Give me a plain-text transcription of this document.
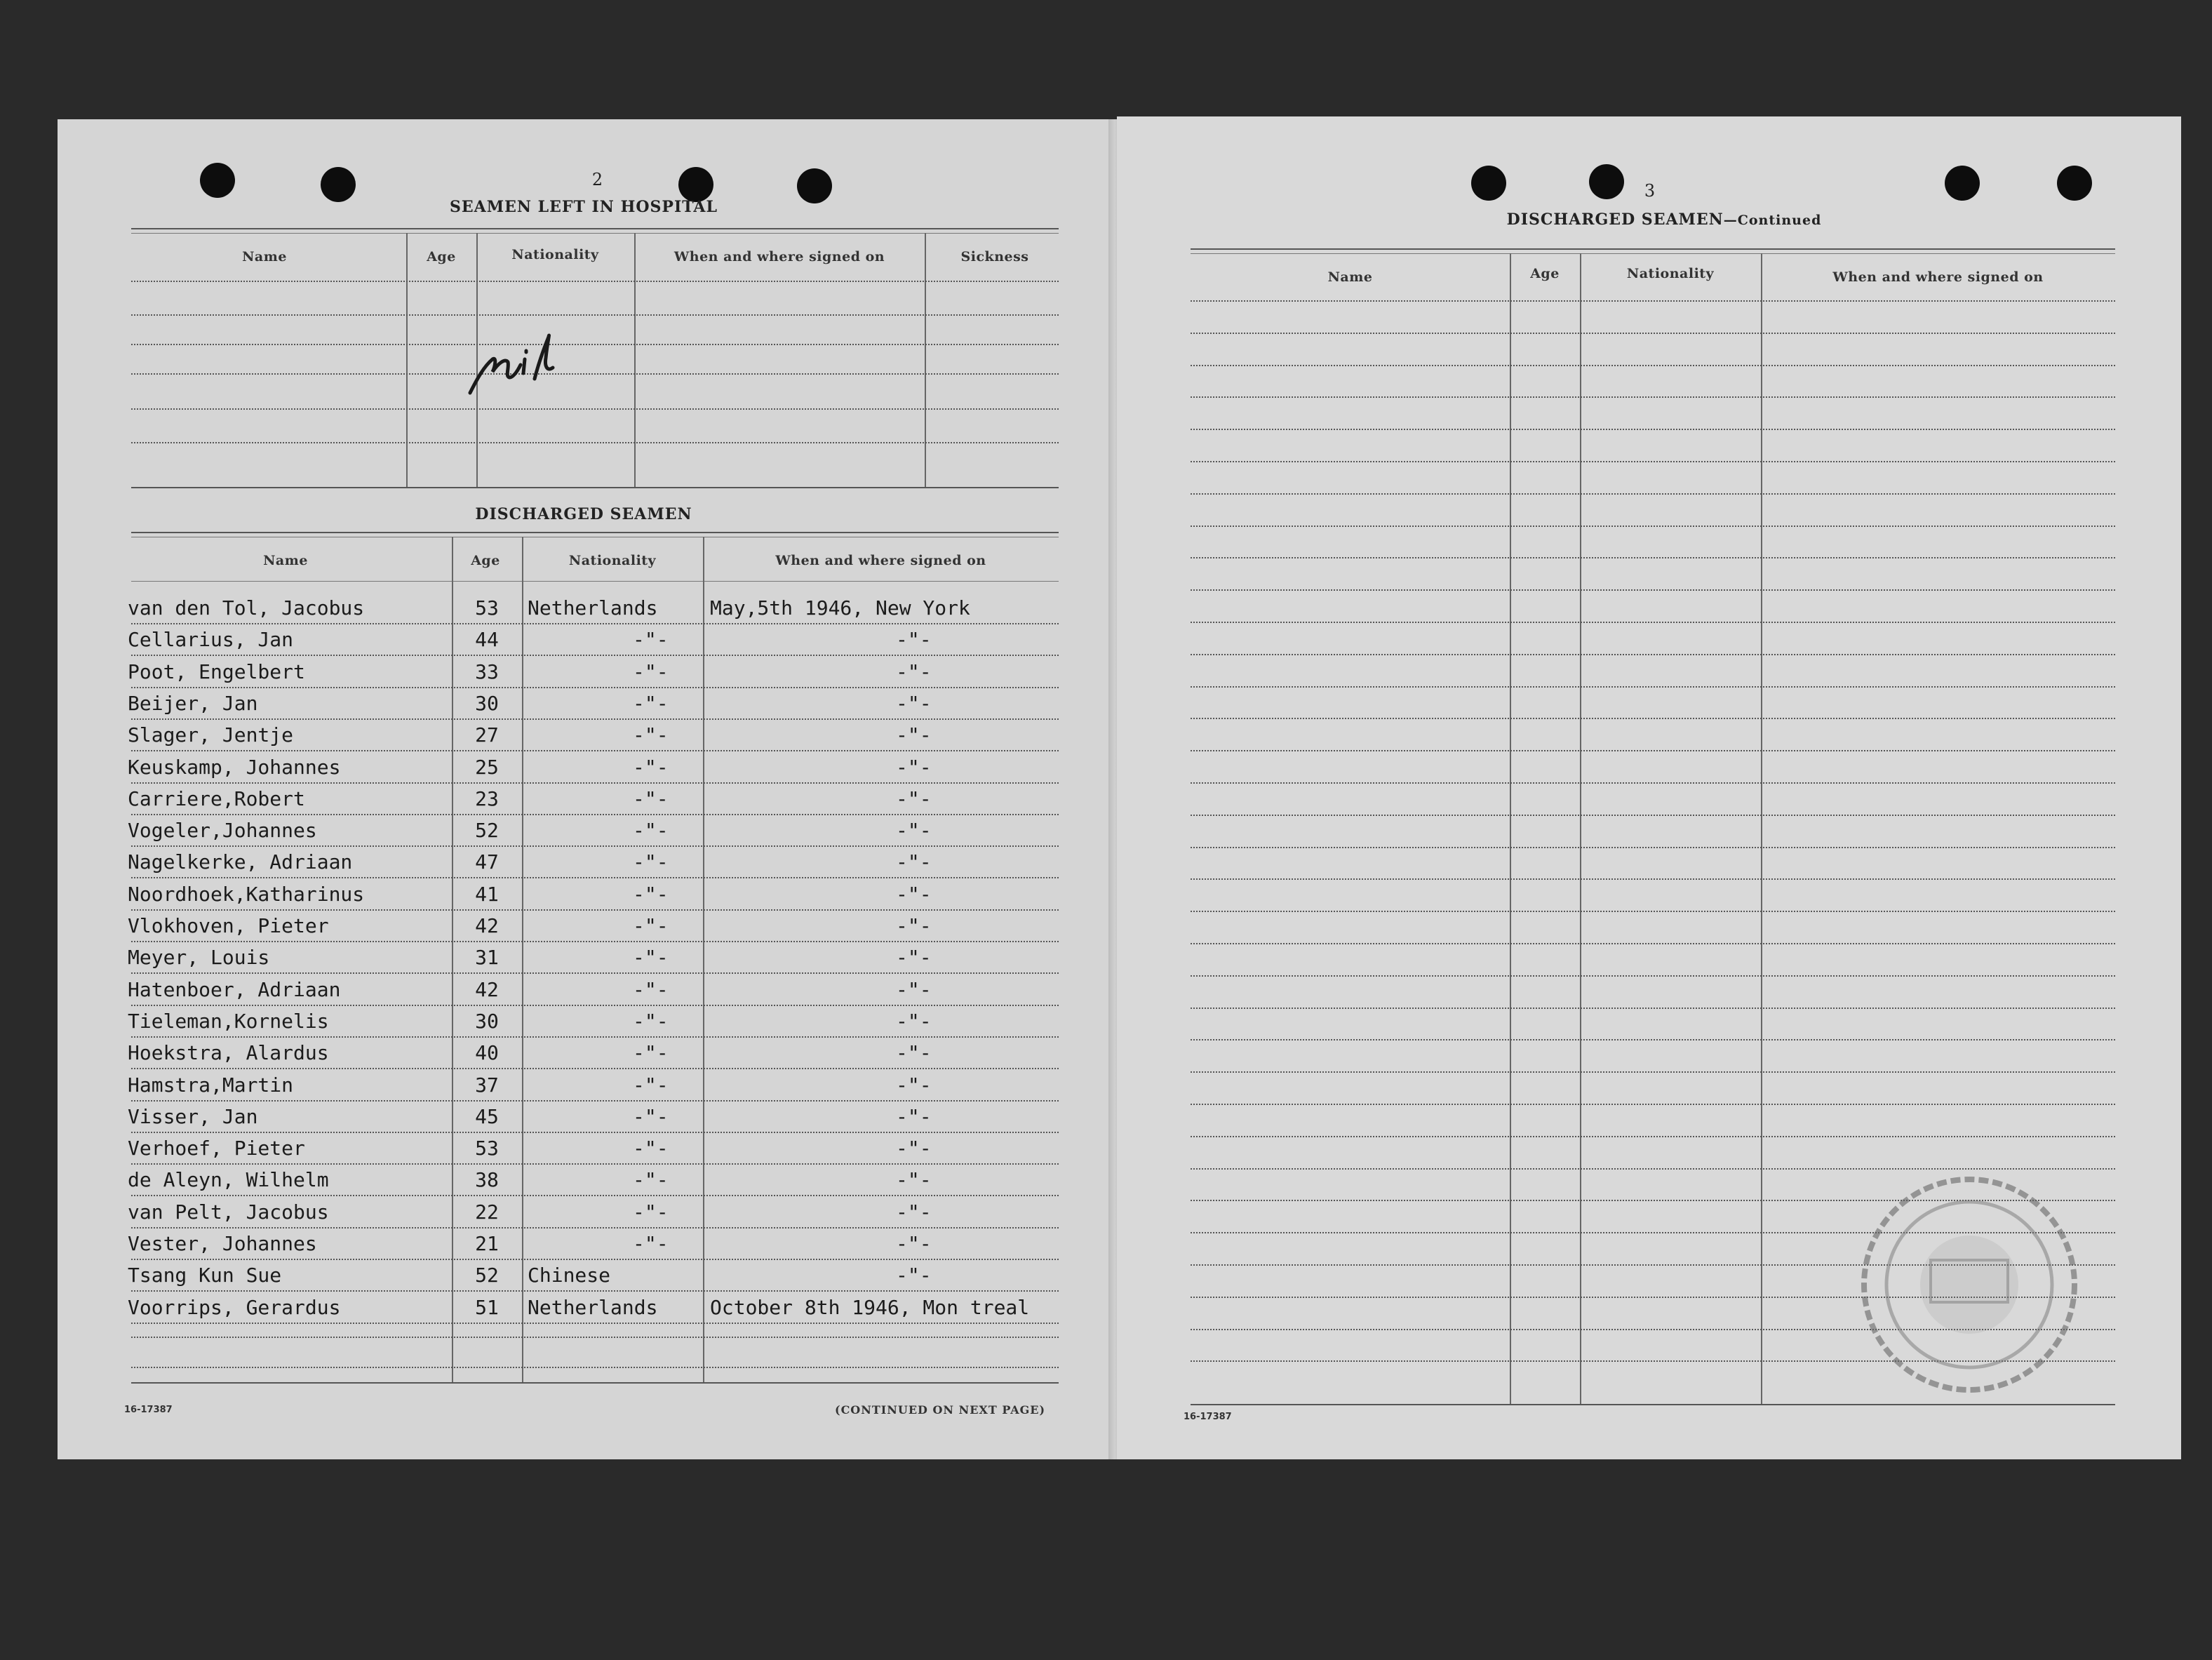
2
SEAMEN LEFT IN HOSPITAL
Name	Age	Nationality	When and where signed on	Sickness
nil
DISCHARGED SEAMEN
Name	Age	Nationality	When and where signed on
van den Tol, Jacobus	53	Netherlands	May,5th 1946, New York
Cellarius, Jan	44	-"-	-"-
Poot, Engelbert	33	-"-	-"-
Beijer, Jan	30	-"-	-"-
Slager, Jentje	27	-"-	-"-
Keuskamp, Johannes	25	-"-	-"-
Carriere,Robert	23	-"-	-"-
Vogeler,Johannes	52	-"-	-"-
Nagelkerke, Adriaan	47	-"-	-"-
Noordhoek,Katharinus	41	-"-	-"-
Vlokhoven, Pieter	42	-"-	-"-
Meyer, Louis	31	-"-	-"-
Hatenboer, Adriaan	42	-"-	-"-
Tieleman,Kornelis	30	-"-	-"-
Hoekstra, Alardus	40	-"-	-"-
Hamstra,Martin	37	-"-	-"-
Visser, Jan	45	-"-	-"-
Verhoef, Pieter	53	-"-	-"-
de Aleyn, Wilhelm	38	-"-	-"-
van Pelt, Jacobus	22	-"-	-"-
Vester, Johannes	21	-"-	-"-
Tsang Kun Sue	52	Chinese	-"-
Voorrips, Gerardus	51	Netherlands	October 8th 1946, Mon treal
16-17387	(CONTINUED ON NEXT PAGE)
3
DISCHARGED SEAMEN—Continued
Name	Age	Nationality	When and where signed on
16-17387
